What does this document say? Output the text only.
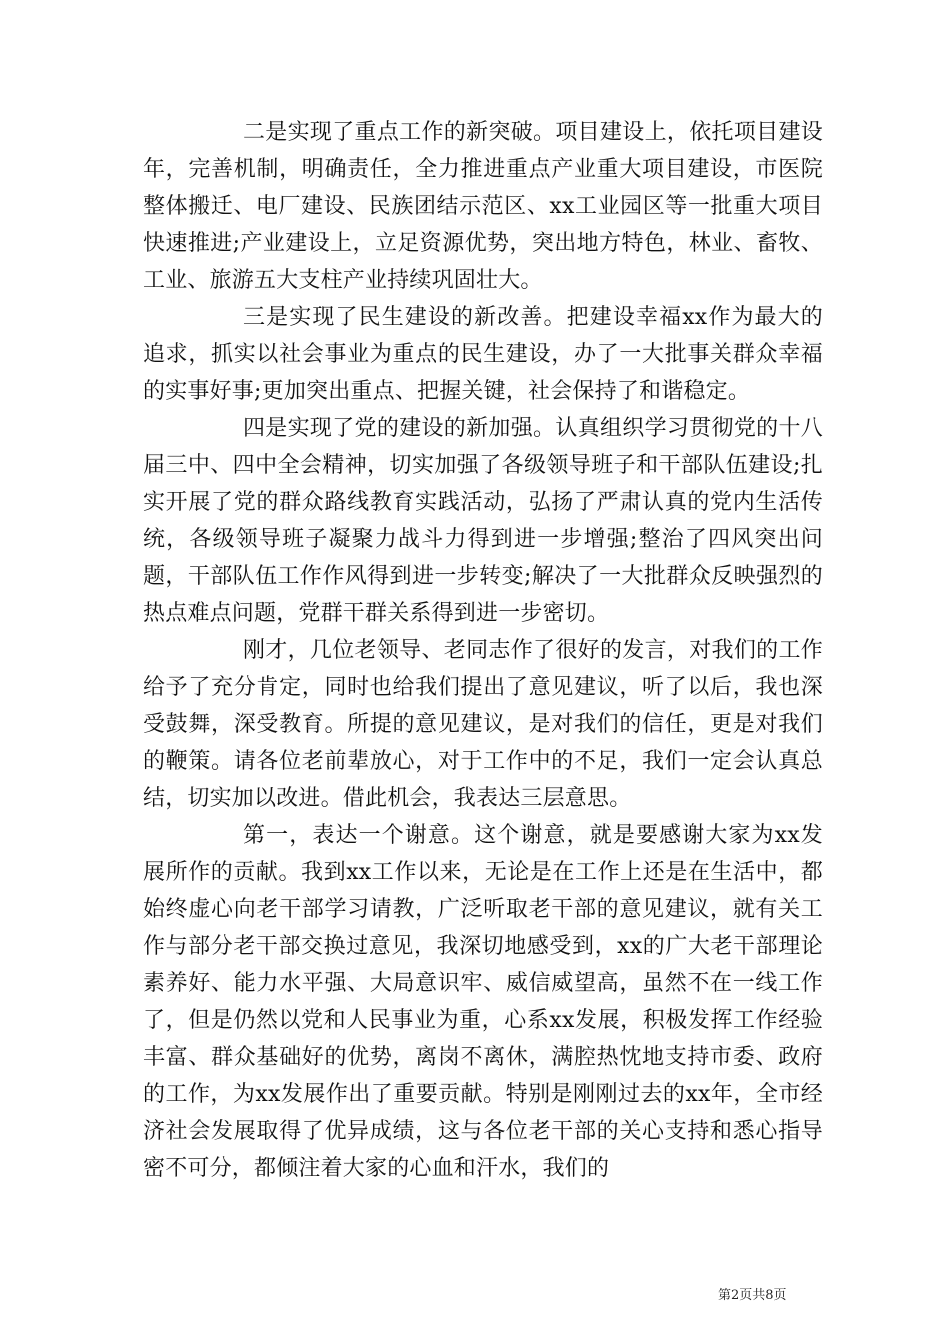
二是实现了重点工作的新突破。项目建设上，依托项目建设年，完善机制，明确责任，全力推进重点产业重大项目建设，市医院整体搬迁、电厂建设、民族团结示范区、xx工业园区等一批重大项目快速推进;产业建设上，立足资源优势，突出地方特色，林业、畜牧、工业、旅游五大支柱产业持续巩固壮大。

三是实现了民生建设的新改善。把建设幸福xx作为最大的追求，抓实以社会事业为重点的民生建设，办了一大批事关群众幸福的实事好事;更加突出重点、把握关键，社会保持了和谐稳定。

四是实现了党的建设的新加强。认真组织学习贯彻党的十八届三中、四中全会精神，切实加强了各级领导班子和干部队伍建设;扎实开展了党的群众路线教育实践活动，弘扬了严肃认真的党内生活传统，各级领导班子凝聚力战斗力得到进一步增强;整治了四风突出问题，干部队伍工作作风得到进一步转变;解决了一大批群众反映强烈的热点难点问题，党群干群关系得到进一步密切。

刚才，几位老领导、老同志作了很好的发言，对我们的工作给予了充分肯定，同时也给我们提出了意见建议，听了以后，我也深受鼓舞，深受教育。所提的意见建议，是对我们的信任，更是对我们的鞭策。请各位老前辈放心，对于工作中的不足，我们一定会认真总结，切实加以改进。借此机会，我表达三层意思。

第一，表达一个谢意。这个谢意，就是要感谢大家为xx发展所作的贡献。我到xx工作以来，无论是在工作上还是在生活中，都始终虚心向老干部学习请教，广泛听取老干部的意见建议，就有关工作与部分老干部交换过意见，我深切地感受到，xx的广大老干部理论素养好、能力水平强、大局意识牢、威信威望高，虽然不在一线工作了，但是仍然以党和人民事业为重，心系xx发展，积极发挥工作经验丰富、群众基础好的优势，离岗不离休，满腔热忱地支持市委、政府的工作，为xx发展作出了重要贡献。特别是刚刚过去的xx年，全市经济社会发展取得了优异成绩，这与各位老干部的关心支持和悉心指导密不可分，都倾注着大家的心血和汗水，我们的

第2页共8页
